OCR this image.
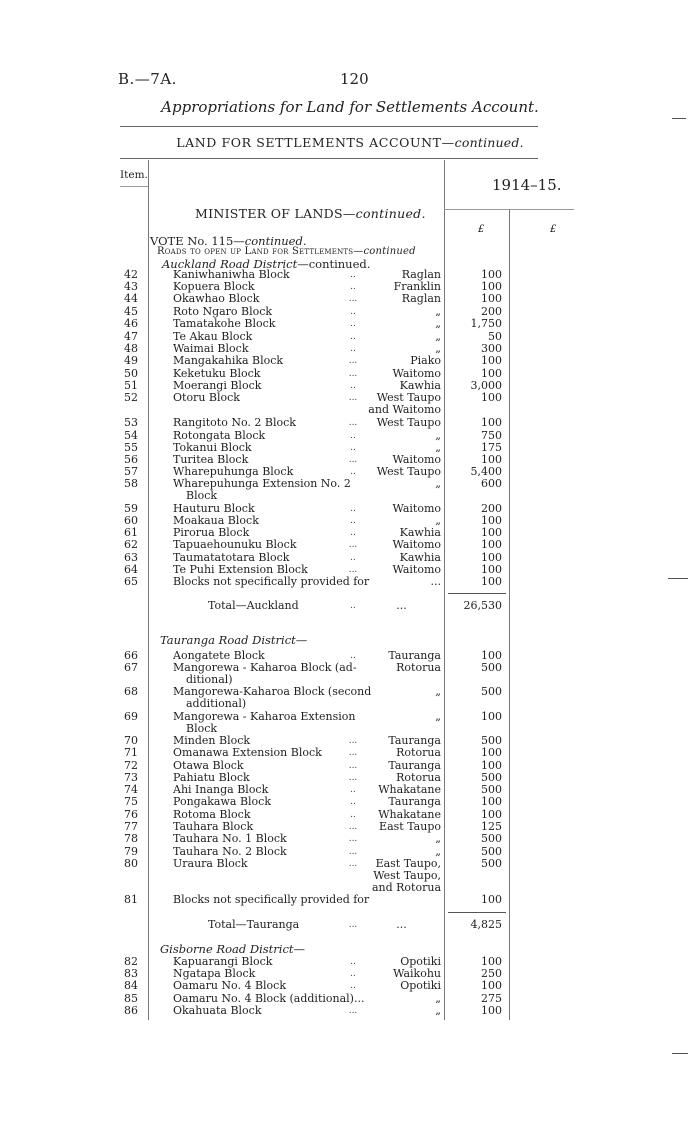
B.—7A.	120
Appropriations for Land for Settlements Account.
LAND FOR SETTLEMENTS ACCOUNT—continued.
Item.
1914–15.
MINISTER OF LANDS—continued.
£	£
VOTE No. 115—continued.
Roads to open up Land for Settlements—continued
Auckland Road District—continued.
42	Kaniwhaniwha Block	..	Raglan	100
43	Kopuera Block	..	Franklin	100
44	Okawhao Block	...	Raglan	100
45	Roto Ngaro Block	..	„	200
46	Tamatakohe Block	..	„	1,750
47	Te Akau Block	..	„	50
48	Waimai Block	..	„	300
49	Mangakahika Block	...	Piako	100
50	Keketuku Block	...	Waitomo	100
51	Moerangi Block	..	Kawhia	3,000
52	Otoru Block	...	West Taupo	100
and Waitomo
53	Rangitoto No. 2 Block	...	West Taupo	100
54	Rotongata Block	..	„	750
55	Tokanui Block	..	„	175
56	Turitea Block	...	Waitomo	100
57	Wharepuhunga Block	..	West Taupo	5,400
58	Wharepuhunga Extension No. 2	„	600
Block
59	Hauturu Block	..	Waitomo	200
60	Moakaua Block	..	„	100
61	Pirorua Block	..	Kawhia	100
62	Tapuaehounuku Block	...	Waitomo	100
63	Taumatatotara Block	..	Kawhia	100
64	Te Puhi Extension Block	...	Waitomo	100
65	Blocks not specifically provided for	...	100
Total—Auckland	..	...	26,530
Tauranga Road District—
66	Aongatete Block	..	Tauranga	100
67	Mangorewa - Kaharoa Block (ad-	Rotorua	500
ditional)
68	Mangorewa-Kaharoa Block (second	„	500
additional)
69	Mangorewa - Kaharoa Extension	„	100
Block
70	Minden Block	...	Tauranga	500
71	Omanawa Extension Block	...	Rotorua	100
72	Otawa Block	...	Tauranga	100
73	Pahiatu Block	...	Rotorua	500
74	Ahi Inanga Block	..	Whakatane	500
75	Pongakawa Block	..	Tauranga	100
76	Rotoma Block	..	Whakatane	100
77	Tauhara Block	...	East Taupo	125
78	Tauhara No. 1 Block	...	„	500
79	Tauhara No. 2 Block	...	„	500
80	Uraura Block	...	East Taupo,	500
West Taupo,
and Rotorua
81	Blocks not specifically provided for	100
Total—Tauranga	...	...	4,825
Gisborne Road District—
82	Kapuarangi Block	..	Opotiki	100
83	Ngatapa Block	..	Waikohu	250
84	Oamaru No. 4 Block	..	Opotiki	100
85	Oamaru No. 4 Block (additional)...	„	275
86	Okahuata Block	...	„	100
